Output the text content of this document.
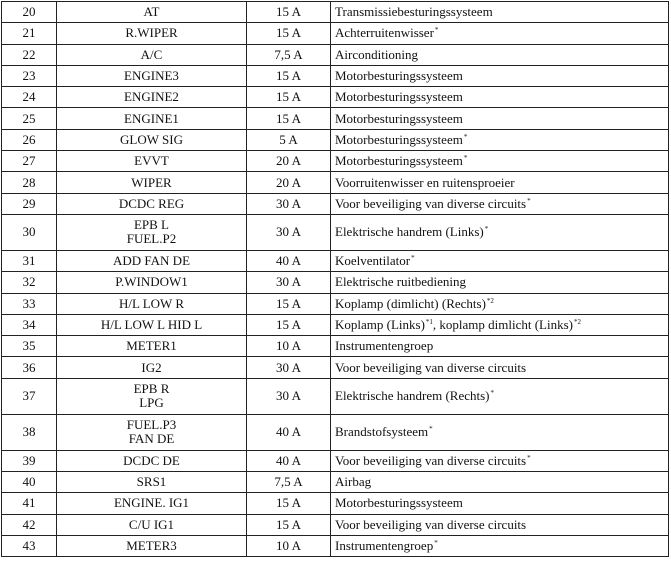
20	AT	15 A	Transmissiebesturingssysteem
21	R.WIPER	15 A	Achterruitenwisser*
22	A/C	7,5 A	Airconditioning
23	ENGINE3	15 A	Motorbesturingssysteem
24	ENGINE2	15 A	Motorbesturingssysteem
25	ENGINE1	15 A	Motorbesturingssysteem
26	GLOW SIG	5 A	Motorbesturingssysteem*
27	EVVT	20 A	Motorbesturingssysteem*
28	WIPER	20 A	Voorruitenwisser en ruitensproeier
29	DCDC REG	30 A	Voor beveiliging van diverse circuits*
30	EPB L
FUEL.P2	30 A	Elektrische handrem (Links)*
31	ADD FAN DE	40 A	Koelventilator*
32	P.WINDOW1	30 A	Elektrische ruitbediening
33	H/L LOW R	15 A	Koplamp (dimlicht) (Rechts)$^{*2}$
34	H/L LOW L HID L	15 A	Koplamp (Links)$^{*1}$, koplamp dimlicht (Links)$^{*2}$
35	METER1	10 A	Instrumentengroep
36	IG2	30 A	Voor beveiliging van diverse circuits
37	EPB R
LPG	30 A	Elektrische handrem (Rechts)*
38	FUEL.P3
FAN DE	40 A	Brandstofsysteem*
39	DCDC DE	40 A	Voor beveiliging van diverse circuits*
40	SRS1	7,5 A	Airbag
41	ENGINE. IG1	15 A	Motorbesturingssysteem
42	C/U IG1	15 A	Voor beveiliging van diverse circuits
43	METER3	10 A	Instrumentengroep*
